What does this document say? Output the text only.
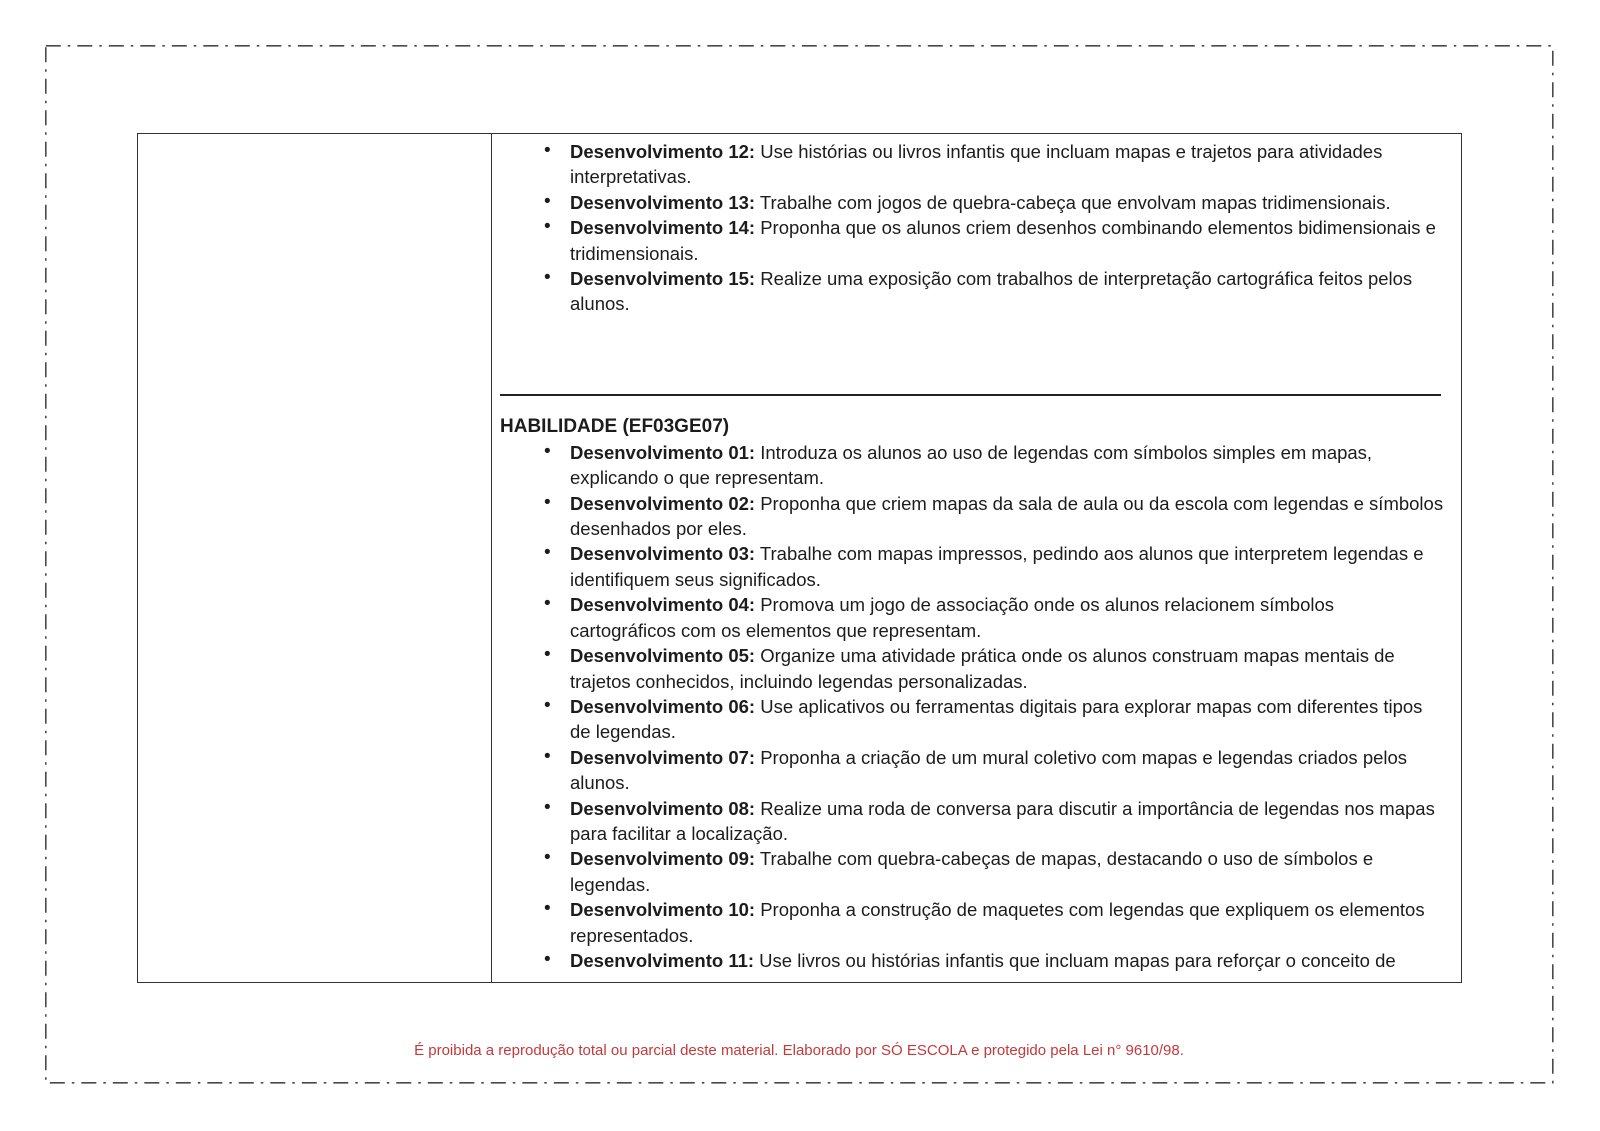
• Desenvolvimento 12: Use histórias ou livros infantis que incluam mapas e trajetos para atividades interpretativas.
• Desenvolvimento 13: Trabalhe com jogos de quebra-cabeça que envolvam mapas tridimensionais.
• Desenvolvimento 14: Proponha que os alunos criem desenhos combinando elementos bidimensionais e tridimensionais.
• Desenvolvimento 15: Realize uma exposição com trabalhos de interpretação cartográfica feitos pelos alunos.
HABILIDADE (EF03GE07)
• Desenvolvimento 01: Introduza os alunos ao uso de legendas com símbolos simples em mapas, explicando o que representam.
• Desenvolvimento 02: Proponha que criem mapas da sala de aula ou da escola com legendas e símbolos desenhados por eles.
• Desenvolvimento 03: Trabalhe com mapas impressos, pedindo aos alunos que interpretem legendas e identifiquem seus significados.
• Desenvolvimento 04: Promova um jogo de associação onde os alunos relacionem símbolos cartográficos com os elementos que representam.
• Desenvolvimento 05: Organize uma atividade prática onde os alunos construam mapas mentais de trajetos conhecidos, incluindo legendas personalizadas.
• Desenvolvimento 06: Use aplicativos ou ferramentas digitais para explorar mapas com diferentes tipos de legendas.
• Desenvolvimento 07: Proponha a criação de um mural coletivo com mapas e legendas criados pelos alunos.
• Desenvolvimento 08: Realize uma roda de conversa para discutir a importância de legendas nos mapas para facilitar a localização.
• Desenvolvimento 09: Trabalhe com quebra-cabeças de mapas, destacando o uso de símbolos e legendas.
• Desenvolvimento 10: Proponha a construção de maquetes com legendas que expliquem os elementos representados.
• Desenvolvimento 11: Use livros ou histórias infantis que incluam mapas para reforçar o conceito de
É proibida a reprodução total ou parcial deste material. Elaborado por SÓ ESCOLA e protegido pela Lei n° 9610/98.
